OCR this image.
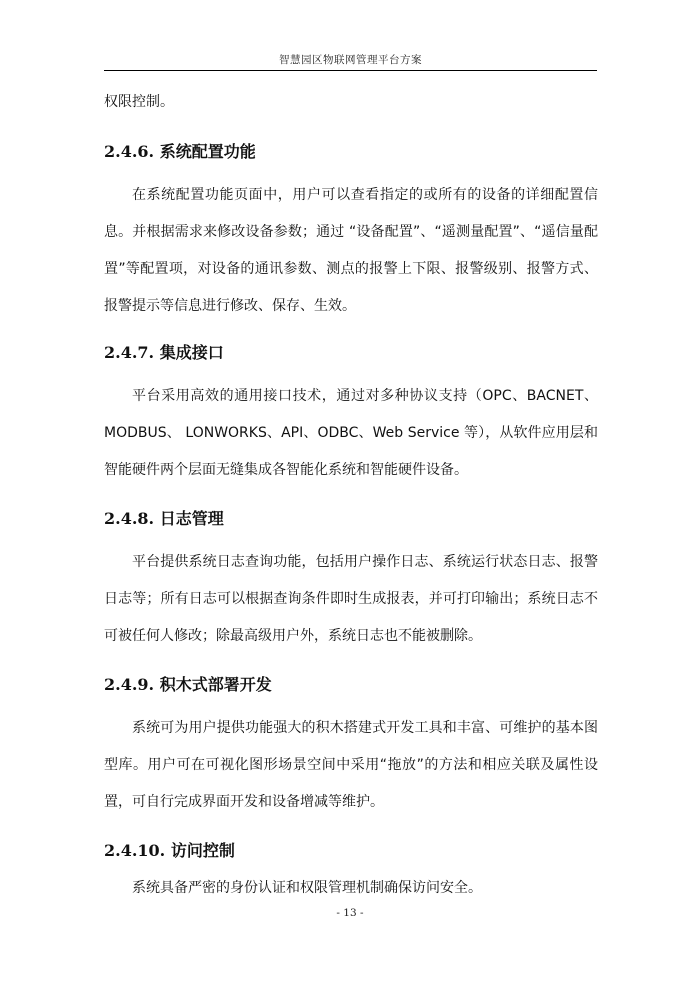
智慧园区物联网管理平台方案

权限控制。

2.4.6. 系统配置功能

在系统配置功能页面中，用户可以查看指定的或所有的设备的详细配置信息。并根据需求来修改设备参数；通过 “设备配置”、“遥测量配置”、“遥信量配置”等配置项，对设备的通讯参数、测点的报警上下限、报警级别、报警方式、报警提示等信息进行修改、保存、生效。

2.4.7. 集成接口

平台采用高效的通用接口技术，通过对多种协议支持（OPC、BACNET、MODBUS、 LONWORKS、API、ODBC、Web Service 等），从软件应用层和智能硬件两个层面无缝集成各智能化系统和智能硬件设备。

2.4.8. 日志管理

平台提供系统日志查询功能，包括用户操作日志、系统运行状态日志、报警日志等；所有日志可以根据查询条件即时生成报表，并可打印输出；系统日志不可被任何人修改；除最高级用户外，系统日志也不能被删除。

2.4.9. 积木式部署开发

系统可为用户提供功能强大的积木搭建式开发工具和丰富、可维护的基本图型库。用户可在可视化图形场景空间中采用“拖放”的方法和相应关联及属性设置，可自行完成界面开发和设备增减等维护。

2.4.10. 访问控制

系统具备严密的身份认证和权限管理机制确保访问安全。

- 13 -
